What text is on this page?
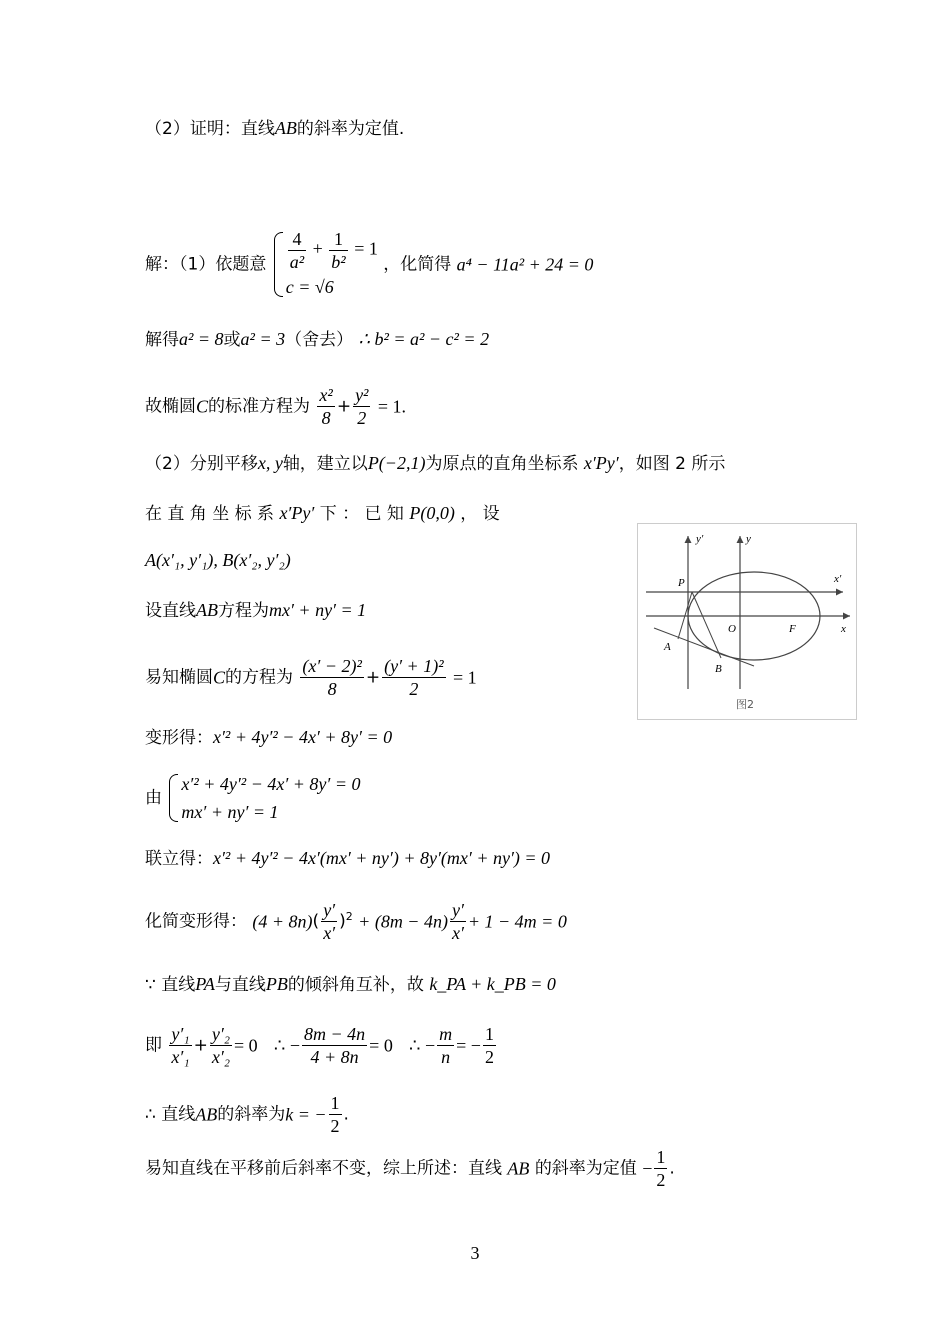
（2）证明：直线AB的斜率为定值.
解：（1）依题意 $\frac{4}{\text{a²}} + \frac{1}{\text{b²}} = 1$
c = √6
，化简得 a⁴ − 11a² + 24 = 0
解得a² = 8或a² = 3（舍去） ∴ b² = a² − c² = 2
故椭圆C的标准方程为 $\frac{\text{x²}}{8} + \frac{\text{y²}}{2} = 1$.
（2）分别平移x, y轴，建立以P(−2,1)为原点的直角坐标系 x′Py′，如图 2 所示
在 直 角 坐 标 系 x′Py′ 下 ： 已 知 P(0,0) ， 设
A(x′₁, y′₁), B(x′₂, y′₂)
设直线AB方程为mx′ + ny′ = 1
易知椭圆C的方程为 $\frac{\text{(x′ − 2)²}}{8} + \frac{\text{(y′ + 1)²}}{2} = 1$
变形得：x′² + 4y′² − 4x′ + 8y′ = 0
由
x′² + 4y′² − 4x′ + 8y′ = 0
mx′ + ny′ = 1
联立得：x′² + 4y′² − 4x′(mx′ + ny′) + 8y′(mx′ + ny′) = 0
化简变形得： $(4 + 8n)( \frac{y'}{x'} )^2 + (8m - 4n) \frac{y'}{x'} + 1 - 4m = 0$
∵ 直线PA与直线PB的倾斜角互补，故 k_PA + k_PB = 0
即 $\frac{\text{y′₁}}{\text{x′₁}} + \frac{\text{y′₂}}{\text{x′₂}} = 0$ ∴ − $\frac{8m - 4n}{4 + 8n} = 0$ ∴ − $\frac{m}{n}$ = − $\frac{1}{2}$
∴ 直线AB的斜率为k = − $\frac{1}{2}$ .
易知直线在平移前后斜率不变，综上所述：直线 AB 的斜率为定值 − $\frac{1}{2}$ .
y′	y
x′
x
P
O	F
A
B
图2
3
